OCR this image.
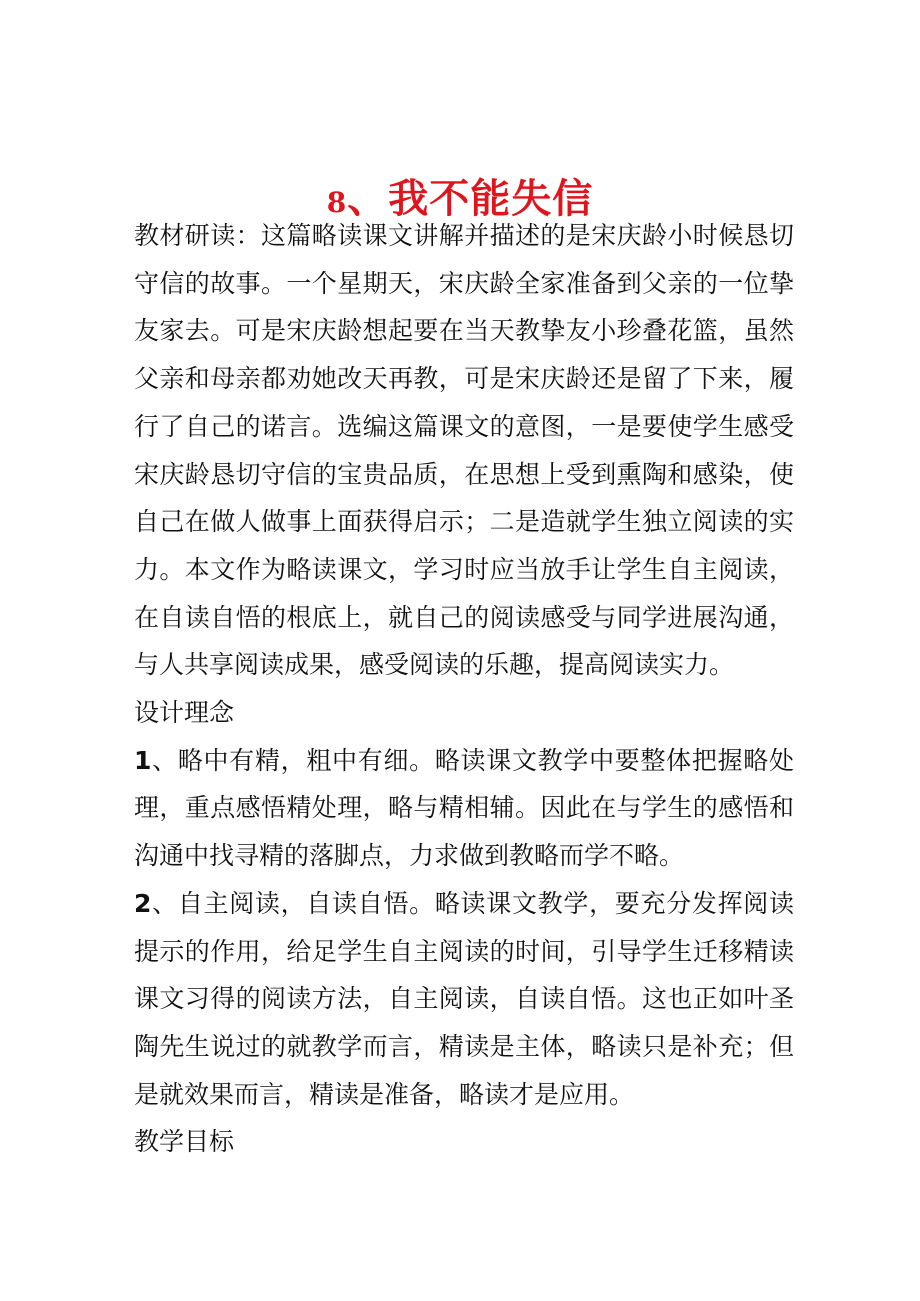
8、我不能失信

教材研读：这篇略读课文讲解并描述的是宋庆龄小时候恳切守信的故事。一个星期天，宋庆龄全家准备到父亲的一位挚友家去。可是宋庆龄想起要在当天教挚友小珍叠花篮，虽然父亲和母亲都劝她改天再教，可是宋庆龄还是留了下来，履行了自己的诺言。选编这篇课文的意图，一是要使学生感受宋庆龄恳切守信的宝贵品质，在思想上受到熏陶和感染，使自己在做人做事上面获得启示；二是造就学生独立阅读的实力。本文作为略读课文，学习时应当放手让学生自主阅读，在自读自悟的根底上，就自己的阅读感受与同学进展沟通，与人共享阅读成果，感受阅读的乐趣，提高阅读实力。

设计理念

1、略中有精，粗中有细。略读课文教学中要整体把握略处理，重点感悟精处理，略与精相辅。因此在与学生的感悟和沟通中找寻精的落脚点，力求做到教略而学不略。

2、自主阅读，自读自悟。略读课文教学，要充分发挥阅读提示的作用，给足学生自主阅读的时间，引导学生迁移精读课文习得的阅读方法，自主阅读，自读自悟。这也正如叶圣陶先生说过的就教学而言，精读是主体，略读只是补充；但是就效果而言，精读是准备，略读才是应用。

教学目标
